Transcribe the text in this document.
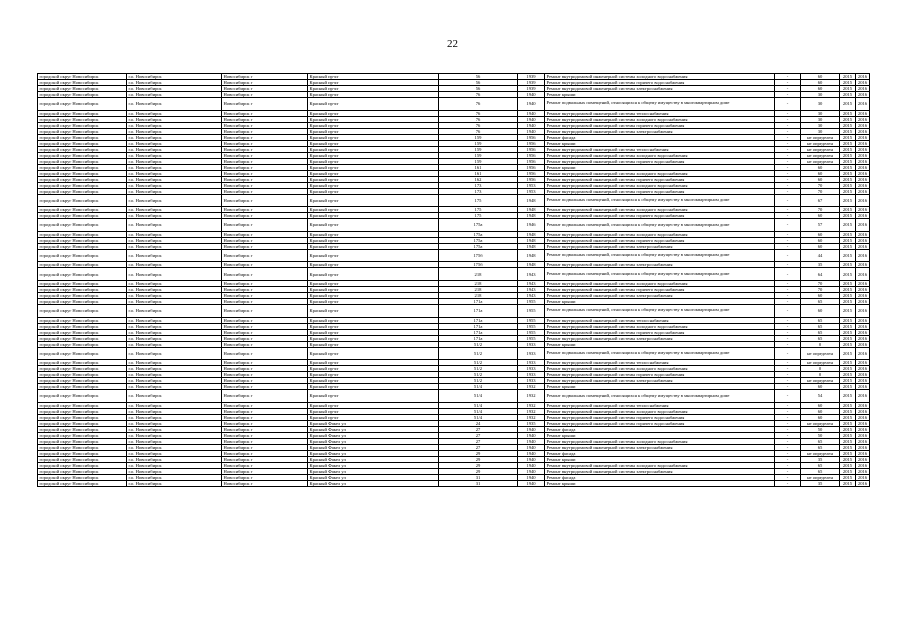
22
городской округ Новосибирск	г.о. Новосибирск	Новосибирск г	Красный пр-кт	56	1939	Ремонт внутридомовой инженерной системы холодного водоснабжения	-	60	2015	2016
городской округ Новосибирск	г.о. Новосибирск	Новосибирск г	Красный пр-кт	56	1939	Ремонт внутридомовой инженерной системы горячего водоснабжения	-	60	2015	2016
городской округ Новосибирск	г.о. Новосибирск	Новосибирск г	Красный пр-кт	56	1939	Ремонт внутридомовой инженерной системы электроснабжения	-	60	2015	2016
городской округ Новосибирск	г.о. Новосибирск	Новосибирск г	Красный пр-кт	76	1940	Ремонт крыши	-	30	2015	2016
городской округ Новосибирск	г.о. Новосибирск	Новосибирск г	Красный пр-кт	76	1940	Ремонт подвальных помещений, относящихся к общему имуществу в многоквартирном доме	-	30	2015	2016
городской округ Новосибирск	г.о. Новосибирск	Новосибирск г	Красный пр-кт	76	1940	Ремонт внутридомовой инженерной системы теплоснабжения	-	30	2015	2016
городской округ Новосибирск	г.о. Новосибирск	Новосибирск г	Красный пр-кт	76	1940	Ремонт внутридомовой инженерной системы холодного водоснабжения	-	30	2015	2016
городской округ Новосибирск	г.о. Новосибирск	Новосибирск г	Красный пр-кт	76	1940	Ремонт внутридомовой инженерной системы горячего водоснабжения	-	30	2015	2016
городской округ Новосибирск	г.о. Новосибирск	Новосибирск г	Красный пр-кт	76	1940	Ремонт внутридомовой инженерной системы электроснабжения	-	30	2015	2016
городской округ Новосибирск	г.о. Новосибирск	Новосибирск г	Красный пр-кт	159	1956	Ремонт фасада	-	не определен	2015	2016
городской округ Новосибирск	г.о. Новосибирск	Новосибирск г	Красный пр-кт	159	1956	Ремонт крыши	-	не определен	2015	2016
городской округ Новосибирск	г.о. Новосибирск	Новосибирск г	Красный пр-кт	159	1956	Ремонт внутридомовой инженерной системы теплоснабжения	-	не определен	2015	2016
городской округ Новосибирск	г.о. Новосибирск	Новосибирск г	Красный пр-кт	159	1956	Ремонт внутридомовой инженерной системы холодного водоснабжения	-	не определен	2015	2016
городской округ Новосибирск	г.о. Новосибирск	Новосибирск г	Красный пр-кт	159	1956	Ремонт внутридомовой инженерной системы горячего водоснабжения	-	не определен	2015	2016
городской округ Новосибирск	г.о. Новосибирск	Новосибирск г	Красный пр-кт	161	1956	Ремонт крыши	-	60	2015	2016
городской округ Новосибирск	г.о. Новосибирск	Новосибирск г	Красный пр-кт	161	1956	Ремонт внутридомовой инженерной системы холодного водоснабжения	-	60	2015	2016
городской округ Новосибирск	г.о. Новосибирск	Новосибирск г	Красный пр-кт	162	1956	Ремонт внутридомовой инженерной системы горячего водоснабжения	-	60	2015	2016
городской округ Новосибирск	г.о. Новосибирск	Новосибирск г	Красный пр-кт	173	1953	Ремонт внутридомовой инженерной системы холодного водоснабжения	-	70	2015	2016
городской округ Новосибирск	г.о. Новосибирск	Новосибирск г	Красный пр-кт	173	1953	Ремонт внутридомовой инженерной системы горячего водоснабжения	-	70	2015	2016
городской округ Новосибирск	г.о. Новосибирск	Новосибирск г	Красный пр-кт	175	1948	Ремонт подвальных помещений, относящихся к общему имуществу в многоквартирном доме	-	67	2015	2016
городской округ Новосибирск	г.о. Новосибирск	Новосибирск г	Красный пр-кт	175	1948	Ремонт внутридомовой инженерной системы холодного водоснабжения	-	70	2015	2016
городской округ Новосибирск	г.о. Новосибирск	Новосибирск г	Красный пр-кт	175	1948	Ремонт внутридомовой инженерной системы горячего водоснабжения	-	60	2015	2016
городской округ Новосибирск	г.о. Новосибирск	Новосибирск г	Красный пр-кт	175а	1946	Ремонт подвальных помещений, относящихся к общему имуществу в многоквартирном доме	-	57	2015	2016
городской округ Новосибирск	г.о. Новосибирск	Новосибирск г	Красный пр-кт	175а	1948	Ремонт внутридомовой инженерной системы холодного водоснабжения	-	60	2015	2016
городской округ Новосибирск	г.о. Новосибирск	Новосибирск г	Красный пр-кт	175а	1948	Ремонт внутридомовой инженерной системы горячего водоснабжения	-	60	2015	2016
городской округ Новосибирск	г.о. Новосибирск	Новосибирск г	Красный пр-кт	175а	1948	Ремонт внутридомовой инженерной системы электроснабжения	-	60	2015	2016
городской округ Новосибирск	г.о. Новосибирск	Новосибирск г	Красный пр-кт	175б	1948	Ремонт подвальных помещений, относящихся к общему имуществу в многоквартирном доме	-	44	2015	2016
городской округ Новосибирск	г.о. Новосибирск	Новосибирск г	Красный пр-кт	175б	1948	Ремонт внутридомовой инженерной системы электроснабжения	-	35	2015	2016
городской округ Новосибирск	г.о. Новосибирск	Новосибирск г	Красный пр-кт	218	1943	Ремонт подвальных помещений, относящихся к общему имуществу в многоквартирном доме	-	64	2015	2016
городской округ Новосибирск	г.о. Новосибирск	Новосибирск г	Красный пр-кт	218	1943	Ремонт внутридомовой инженерной системы холодного водоснабжения	-	70	2015	2016
городской округ Новосибирск	г.о. Новосибирск	Новосибирск г	Красный пр-кт	218	1943	Ремонт внутридомовой инженерной системы горячего водоснабжения	-	70	2015	2016
городской округ Новосибирск	г.о. Новосибирск	Новосибирск г	Красный пр-кт	218	1943	Ремонт внутридомовой инженерной системы электроснабжения	-	60	2015	2016
городской округ Новосибирск	г.о. Новосибирск	Новосибирск г	Красный пр-кт	171а	1955	Ремонт крыши	-	65	2015	2016
городской округ Новосибирск	г.о. Новосибирск	Новосибирск г	Красный пр-кт	171а	1955	Ремонт подвальных помещений, относящихся к общему имуществу в многоквартирном доме	-	60	2015	2016
городской округ Новосибирск	г.о. Новосибирск	Новосибирск г	Красный пр-кт	171а	1955	Ремонт внутридомовой инженерной системы теплоснабжения	-	65	2015	2016
городской округ Новосибирск	г.о. Новосибирск	Новосибирск г	Красный пр-кт	171а	1955	Ремонт внутридомовой инженерной системы холодного водоснабжения	-	65	2015	2016
городской округ Новосибирск	г.о. Новосибирск	Новосибирск г	Красный пр-кт	171а	1955	Ремонт внутридомовой инженерной системы горячего водоснабжения	-	65	2015	2016
городской округ Новосибирск	г.о. Новосибирск	Новосибирск г	Красный пр-кт	171а	1955	Ремонт внутридомовой инженерной системы электроснабжения	-	65	2015	2016
городской округ Новосибирск	г.о. Новосибирск	Новосибирск г	Красный пр-кт	51/2	1933	Ремонт крыши	-	0	2015	2016
городской округ Новосибирск	г.о. Новосибирск	Новосибирск г	Красный пр-кт	51/2	1933	Ремонт подвальных помещений, относящихся к общему имуществу в многоквартирном доме	-	не определен	2015	2016
городской округ Новосибирск	г.о. Новосибирск	Новосибирск г	Красный пр-кт	51/2	1933	Ремонт внутридомовой инженерной системы теплоснабжения	-	не определен	2015	2016
городской округ Новосибирск	г.о. Новосибирск	Новосибирск г	Красный пр-кт	51/2	1933	Ремонт внутридомовой инженерной системы холодного водоснабжения	-	0	2015	2016
городской округ Новосибирск	г.о. Новосибирск	Новосибирск г	Красный пр-кт	51/2	1933	Ремонт внутридомовой инженерной системы горячего водоснабжения	-	0	2015	2016
городской округ Новосибирск	г.о. Новосибирск	Новосибирск г	Красный пр-кт	51/2	1933	Ремонт внутридомовой инженерной системы электроснабжения	-	не определен	2015	2016
городской округ Новосибирск	г.о. Новосибирск	Новосибирск г	Красный пр-кт	51/4	1932	Ремонт крыши	-	60	2015	2016
городской округ Новосибирск	г.о. Новосибирск	Новосибирск г	Красный пр-кт	51/4	1932	Ремонт подвальных помещений, относящихся к общему имуществу в многоквартирном доме	-	54	2015	2016
городской округ Новосибирск	г.о. Новосибирск	Новосибирск г	Красный пр-кт	51/4	1932	Ремонт внутридомовой инженерной системы теплоснабжения	-	60	2015	2016
городской округ Новосибирск	г.о. Новосибирск	Новосибирск г	Красный пр-кт	51/4	1932	Ремонт внутридомовой инженерной системы холодного водоснабжения	-	60	2015	2016
городской округ Новосибирск	г.о. Новосибирск	Новосибирск г	Красный пр-кт	51/4	1932	Ремонт внутридомовой инженерной системы горячего водоснабжения	-	60	2015	2016
городской округ Новосибирск	г.о. Новосибирск	Новосибирск г	Красный Факел ул	24	1935	Ремонт внутридомовой инженерной системы горячего водоснабжения	-	не определен	2015	2016
городской округ Новосибирск	г.о. Новосибирск	Новосибирск г	Красный Факел ул	27	1940	Ремонт фасада	-	50	2015	2016
городской округ Новосибирск	г.о. Новосибирск	Новосибирск г	Красный Факел ул	27	1940	Ремонт крыши	-	50	2015	2016
городской округ Новосибирск	г.о. Новосибирск	Новосибирск г	Красный Факел ул	27	1940	Ремонт внутридомовой инженерной системы холодного водоснабжения	-	65	2015	2016
городской округ Новосибирск	г.о. Новосибирск	Новосибирск г	Красный Факел ул	27	1940	Ремонт внутридомовой инженерной системы электроснабжения	-	65	2015	2016
городской округ Новосибирск	г.о. Новосибирск	Новосибирск г	Красный Факел ул	29	1940	Ремонт фасада	-	не определен	2015	2016
городской округ Новосибирск	г.о. Новосибирск	Новосибирск г	Красный Факел ул	29	1940	Ремонт крыши	-	35	2015	2016
городской округ Новосибирск	г.о. Новосибирск	Новосибирск г	Красный Факел ул	29	1940	Ремонт внутридомовой инженерной системы холодного водоснабжения	-	65	2015	2016
городской округ Новосибирск	г.о. Новосибирск	Новосибирск г	Красный Факел ул	29	1940	Ремонт внутридомовой инженерной системы электроснабжения	-	65	2015	2016
городской округ Новосибирск	г.о. Новосибирск	Новосибирск г	Красный Факел ул	31	1940	Ремонт фасада	-	не определен	2015	2016
городской округ Новосибирск	г.о. Новосибирск	Новосибирск г	Красный Факел ул	31	1940	Ремонт крыши	-	35	2015	2016
